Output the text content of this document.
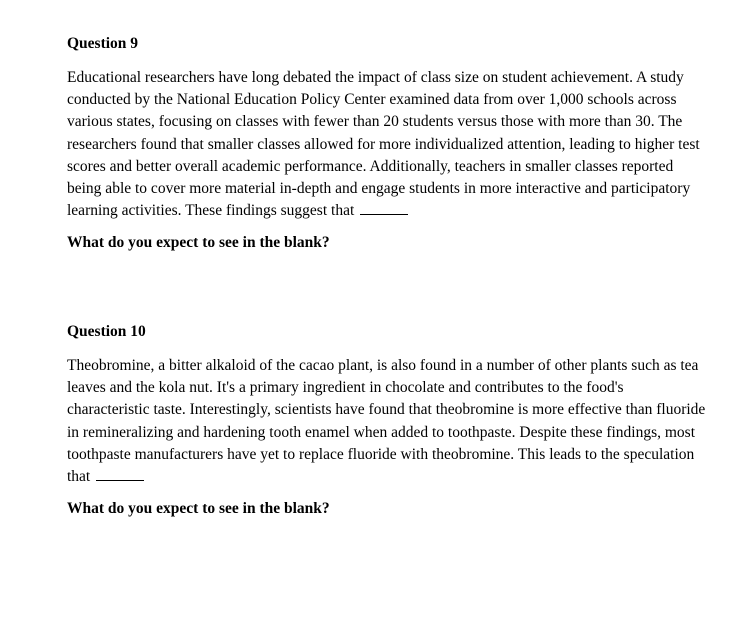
Question 9

Educational researchers have long debated the impact of class size on student achievement. A study conducted by the National Education Policy Center examined data from over 1,000 schools across various states, focusing on classes with fewer than 20 students versus those with more than 30. The researchers found that smaller classes allowed for more individualized attention, leading to higher test scores and better overall academic performance. Additionally, teachers in smaller classes reported being able to cover more material in-depth and engage students in more interactive and participatory learning activities. These findings suggest that

What do you expect to see in the blank?

Question 10

Theobromine, a bitter alkaloid of the cacao plant, is also found in a number of other plants such as tea leaves and the kola nut. It's a primary ingredient in chocolate and contributes to the food's characteristic taste. Interestingly, scientists have found that theobromine is more effective than fluoride in remineralizing and hardening tooth enamel when added to toothpaste. Despite these findings, most toothpaste manufacturers have yet to replace fluoride with theobromine. This leads to the speculation that

What do you expect to see in the blank?
